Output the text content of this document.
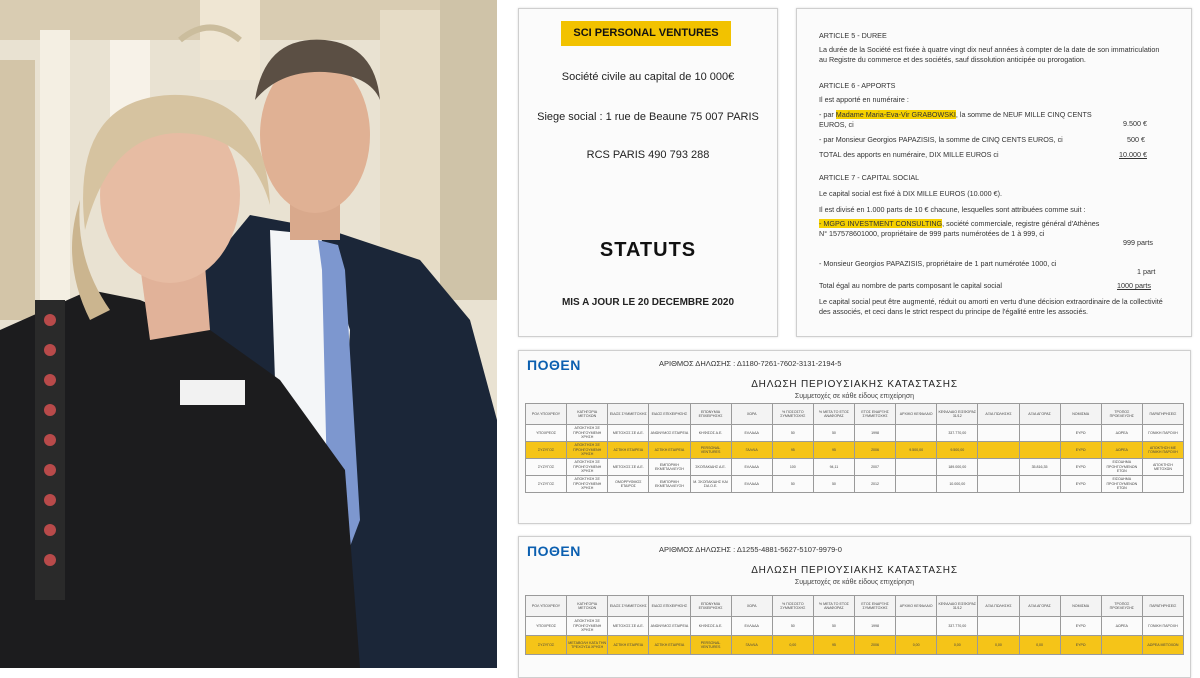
SCI PERSONAL VENTURES
Société civile au capital de 10 000€
Siege social : 1 rue de Beaune 75 007 PARIS
RCS PARIS 490 793 288
STATUTS
MIS A JOUR LE 20 DECEMBRE 2020
ARTICLE 5 - DUREE
La durée de la Société est fixée à quatre vingt dix neuf années à compter de la date de son immatriculation au Registre du commerce et des sociétés, sauf dissolution anticipée ou prorogation.
ARTICLE 6 - APPORTS
Il est apporté en numéraire :
- par Madame Maria-Eva-Vir GRABOWSKI, la somme de NEUF MILLE CINQ CENTS EUROS, ci	9.500 €
- par Monsieur Georgios PAPAZISIS, la somme de CINQ CENTS EUROS, ci	500 €
TOTAL des apports en numéraire, DIX MILLE EUROS ci	10.000 €
ARTICLE 7 - CAPITAL SOCIAL
Le capital social est fixé à DIX MILLE EUROS (10.000 €).
Il est divisé en 1.000 parts de 10 € chacune, lesquelles sont attribuées comme suit :
- MGPG INVESTMENT CONSULTING, société commerciale, registre général d'Athènes N° 157578601000, propriétaire de 999 parts numérotées de 1 à 999, ci
999 parts
- Monsieur Georgios PAPAZISIS, propriétaire de 1 part numérotée 1000, ci
1 part
Total égal au nombre de parts composant le capital social	1000 parts
Le capital social peut être augmenté, réduit ou amorti en vertu d'une décision extraordinaire de la collectivité des associés, et ceci dans le strict respect du principe de l'égalité entre les associés.
ΠΟΘΕΝ	ΑΡΙΘΜΟΣ ΔΗΛΩΣΗΣ : Δ1180-7261-7602-3131-2194-5
ΔΗΛΩΣΗ ΠΕΡΙΟΥΣΙΑΚΗΣ ΚΑΤΑΣΤΑΣΗΣ
Συμμετοχές σε κάθε είδους επιχείρηση
ΡΟΛ ΥΠΟΧΡΕΟΥ	ΚΑΤΗΓΟΡΙΑ ΜΕΤΟΧΩΝ	ΕΙΔΟΣ ΣΥΜΜΕΤΟΧΗΣ	ΕΙΔΟΣ ΕΠΙΧΕΙΡΗΣΗΣ	ΕΠΩΝΥΜΙΑ ΕΠΙΧΕΙΡΗΣΗΣ	ΧΩΡΑ	% ΠΟΣΟΣΤΟ ΣΥΜΜΕΤΟΧΗΣ	% ΜΕΤΑ ΤΟ ΕΤΟΣ ΑΝΑΦΟΡΑΣ	ΕΤΟΣ ΕΝΑΡΞΗΣ ΣΥΜΜΕΤΟΧΗΣ	ΑΡΧΙΚΟ ΚΕΦΑΛΑΙΟ	ΚΕΦΑΛΑΙΟ ΕΙΣΦΟΡΑΣ 31/12	ΑΞΙΑ ΠΩΛΗΣΗΣ	ΑΞΙΑ ΑΓΟΡΑΣ	ΝΟΜΙΣΜΑ	ΤΡΟΠΟΣ ΠΡΟΕΛΕΥΣΗΣ	ΠΑΡΑΤΗΡΗΣΕΙΣ
ΥΠΟΧΡΕΟΣ	ΑΠΟΚΤΗΣΗ ΣΕ ΠΡΟΗΓΟΥΜΕΝΗ ΧΡΗΣΗ	ΜΕΤΟΧΟΣ ΣΕ Α.Ε.	ΑΝΩΝΥΜΟΣ ΕΤΑΙΡΕΙΑ	ΚΗΦΙΣΟΣ Α.Ε.	ΕΛΛΑΔΑ	50	50	1998		337.770,00			ΕΥΡΩ	ΔΩΡΕΑ	ΓΟΝΙΚΗ ΠΑΡΟΧΗ
ΣΥΖΥΓΟΣ	ΑΠΟΚΤΗΣΗ ΣΕ ΠΡΟΗΓΟΥΜΕΝΗ ΧΡΗΣΗ	ΑΣΤΙΚΗ ΕΤΑΙΡΕΙΑ	ΑΣΤΙΚΗ ΕΤΑΙΡΕΙΑ	PERSONAL VENTURES	ΓΑΛΛΙΑ	95	95	2006	9.500,00	9.500,00			ΕΥΡΩ	ΔΩΡΕΑ	ΑΠΟΚΤΗΣΗ ΜΕ ΓΟΝΙΚΗ ΠΑΡΟΧΗ
ΣΥΖΥΓΟΣ	ΑΠΟΚΤΗΣΗ ΣΕ ΠΡΟΗΓΟΥΜΕΝΗ ΧΡΗΣΗ	ΜΕΤΟΧΟΣ ΣΕ Α.Ε.	ΕΜΠΟΡΙΚΗ ΕΚΜΕΤΑΛΛΕΥΣΗ	ΣΚΟΠΑΚΙΔΗΣ Α.Ε.	ΕΛΛΑΔΑ	100	94,11	2007		189.000,00		35.816,35	ΕΥΡΩ	ΕΙΣΟΔΗΜΑ ΠΡΟΗΓΟΥΜΕΝΩΝ ΕΤΩΝ	ΑΠΟΚΤΗΣΗ ΜΕΤΟΧΩΝ
ΣΥΖΥΓΟΣ	ΑΠΟΚΤΗΣΗ ΣΕ ΠΡΟΗΓΟΥΜΕΝΗ ΧΡΗΣΗ	ΟΜΟΡΡΥΘΜΟΣ ΕΤΑΙΡΟΣ	ΕΜΠΟΡΙΚΗ ΕΚΜΕΤΑΛΛΕΥΣΗ	Μ. ΣΚΟΠΑΚΙΔΗΣ ΚΑΙ ΣΙΑ Ο.Ε.	ΕΛΛΑΔΑ	50	50	2012		10.000,00			ΕΥΡΩ	ΕΙΣΟΔΗΜΑ ΠΡΟΗΓΟΥΜΕΝΩΝ ΕΤΩΝ	
ΠΟΘΕΝ	ΑΡΙΘΜΟΣ ΔΗΛΩΣΗΣ : Δ1255-4881-5627-5107-9979-0
ΔΗΛΩΣΗ ΠΕΡΙΟΥΣΙΑΚΗΣ ΚΑΤΑΣΤΑΣΗΣ
Συμμετοχές σε κάθε είδους επιχείρηση
ΡΟΛ ΥΠΟΧΡΕΟΥ	ΚΑΤΗΓΟΡΙΑ ΜΕΤΟΧΩΝ	ΕΙΔΟΣ ΣΥΜΜΕΤΟΧΗΣ	ΕΙΔΟΣ ΕΠΙΧΕΙΡΗΣΗΣ	ΕΠΩΝΥΜΙΑ ΕΠΙΧΕΙΡΗΣΗΣ	ΧΩΡΑ	% ΠΟΣΟΣΤΟ ΣΥΜΜΕΤΟΧΗΣ	% ΜΕΤΑ ΤΟ ΕΤΟΣ ΑΝΑΦΟΡΑΣ	ΕΤΟΣ ΕΝΑΡΞΗΣ ΣΥΜΜΕΤΟΧΗΣ	ΑΡΧΙΚΟ ΚΕΦΑΛΑΙΟ	ΚΕΦΑΛΑΙΟ ΕΙΣΦΟΡΑΣ 31/12	ΑΞΙΑ ΠΩΛΗΣΗΣ	ΑΞΙΑ ΑΓΟΡΑΣ	ΝΟΜΙΣΜΑ	ΤΡΟΠΟΣ ΠΡΟΕΛΕΥΣΗΣ	ΠΑΡΑΤΗΡΗΣΕΙΣ
ΥΠΟΧΡΕΟΣ	ΑΠΟΚΤΗΣΗ ΣΕ ΠΡΟΗΓΟΥΜΕΝΗ ΧΡΗΣΗ	ΜΕΤΟΧΟΣ ΣΕ Α.Ε.	ΑΝΩΝΥΜΟΣ ΕΤΑΙΡΕΙΑ	ΚΗΦΙΣΟΣ Α.Ε.	ΕΛΛΑΔΑ	50	50	1998		337.770,00			ΕΥΡΩ	ΔΩΡΕΑ	ΓΟΝΙΚΗ ΠΑΡΟΧΗ
ΣΥΖΥΓΟΣ	ΜΕΤΑΒΟΛΗ ΚΑΤΑ ΤΗΝ ΤΡΕΧΟΥΣΑ ΧΡΗΣΗ	ΑΣΤΙΚΗ ΕΤΑΙΡΕΙΑ	ΑΣΤΙΚΗ ΕΤΑΙΡΕΙΑ	PERSONAL VENTURES	ΓΑΛΛΙΑ	0,00	95	2006	0,00	0,00	0,00	0,00	ΕΥΡΩ		ΔΩΡΕΑ ΜΕΤΟΧΩΝ
